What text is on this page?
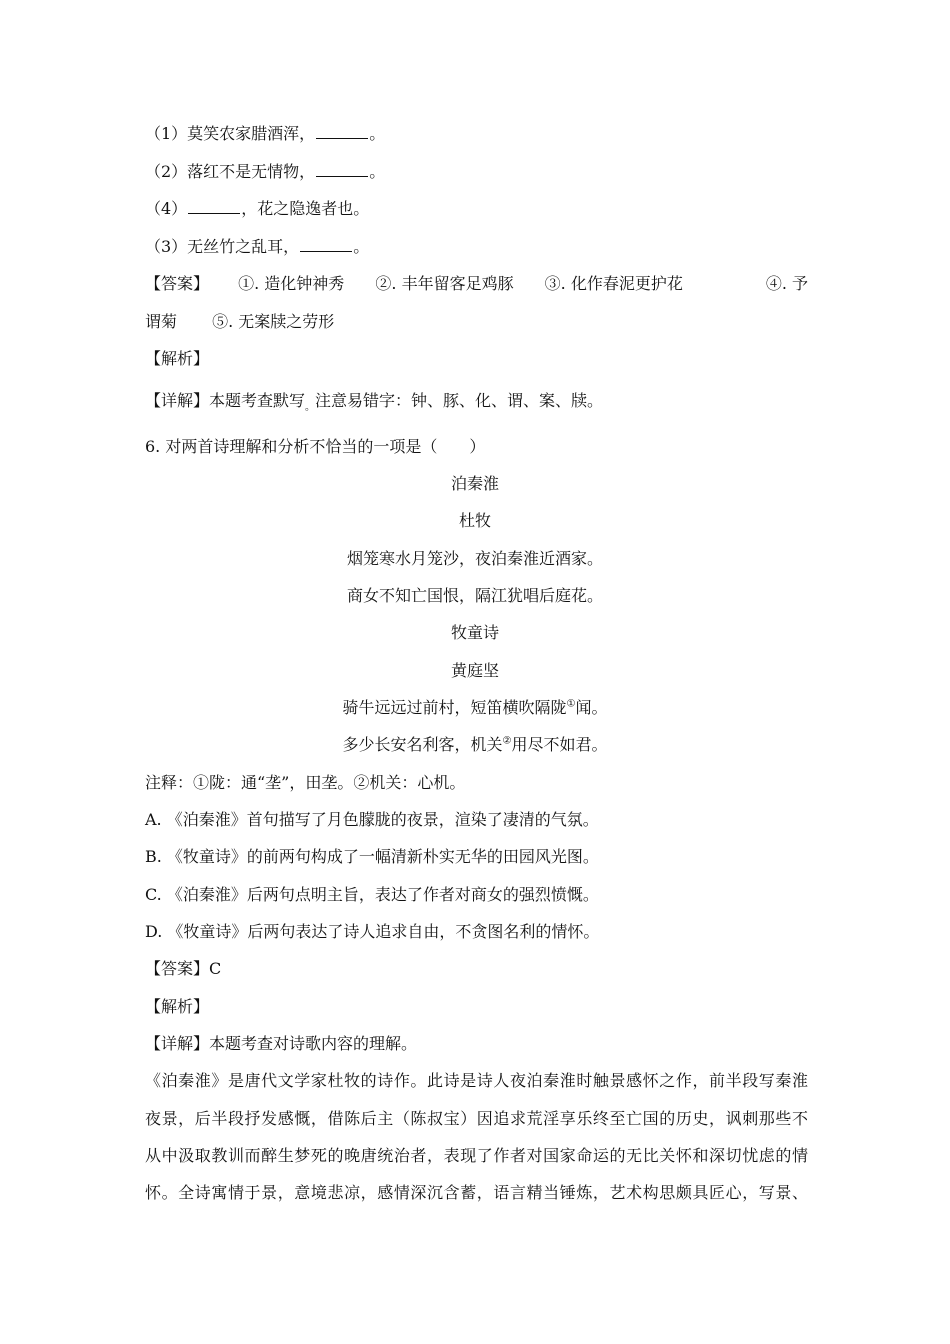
（1）莫笑农家腊酒浑，	。
（2）落红不是无情物，	。
（4）	，花之隐逸者也。
（3）无丝竹之乱耳，	。
【答案】 ①. 造化钟神秀 ②. 丰年留客足鸡豚 ③. 化作春泥更护花	④. 予
谓菊 ⑤. 无案牍之劳形
【解析】
【详解】本题考查默写$_。$注意易错字：钟、豚、化、谓、案、牍。
6. 对两首诗理解和分析不恰当的一项是（　　）
泊秦淮
杜牧
烟笼寒水月笼沙，夜泊秦淮近酒家。
商女不知亡国恨，隔江犹唱后庭花。
牧童诗
黄庭坚
骑牛远远过前村，短笛横吹隔陇①闻。
多少长安名利客，机关②用尽不如君。
注释：①陇：通“垄”，田垄。②机关：心机。
A. 《泊秦淮》首句描写了月色朦胧的夜景，渲染了凄清的气氛。
B. 《牧童诗》的前两句构成了一幅清新朴实无华的田园风光图。
C. 《泊秦淮》后两句点明主旨，表达了作者对商女的强烈愤慨。
D. 《牧童诗》后两句表达了诗人追求自由，不贪图名利的情怀。
【答案】C
【解析】
【详解】本题考查对诗歌内容的理解。
《泊秦淮》是唐代文学家杜牧的诗作。此诗是诗人夜泊秦淮时触景感怀之作，前半段写秦淮
夜景，后半段抒发感慨，借陈后主（陈叔宝）因追求荒淫享乐终至亡国的历史，讽刺那些不
从中汲取教训而醉生梦死的晚唐统治者，表现了作者对国家命运的无比关怀和深切忧虑的情
怀。全诗寓情于景，意境悲凉，感情深沉含蓄，语言精当锤炼，艺术构思颇具匠心，写景、
